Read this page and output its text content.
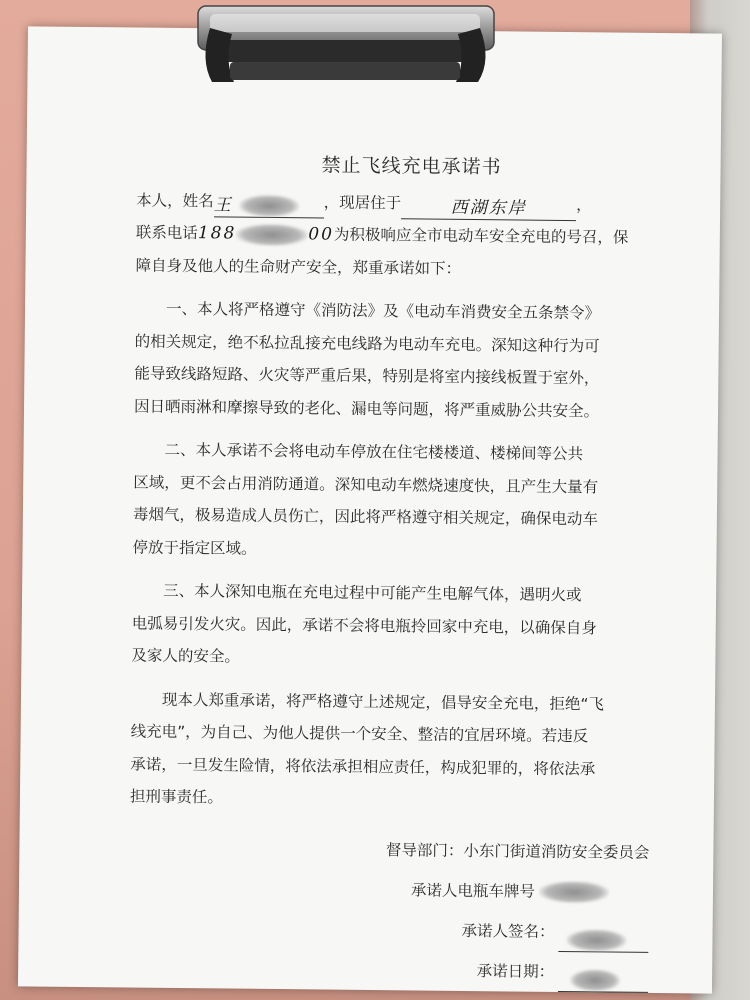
禁止飞线充电承诺书
本人，姓名王	，现居住于	西湖东岸	，
联系电话188	00为积极响应全市电动车安全充电的号召，保
障自身及他人的生命财产安全，郑重承诺如下：
一、本人将严格遵守《消防法》及《电动车消费安全五条禁令》
的相关规定，绝不私拉乱接充电线路为电动车充电。深知这种行为可
能导致线路短路、火灾等严重后果，特别是将室内接线板置于室外，
因日晒雨淋和摩擦导致的老化、漏电等问题，将严重威胁公共安全。
二、本人承诺不会将电动车停放在住宅楼楼道、楼梯间等公共
区域，更不会占用消防通道。深知电动车燃烧速度快，且产生大量有
毒烟气，极易造成人员伤亡，因此将严格遵守相关规定，确保电动车
停放于指定区域。
三、本人深知电瓶在充电过程中可能产生电解气体，遇明火或
电弧易引发火灾。因此，承诺不会将电瓶拎回家中充电，以确保自身
及家人的安全。
现本人郑重承诺，将严格遵守上述规定，倡导安全充电，拒绝“飞
线充电”，为自己、为他人提供一个安全、整洁的宜居环境。若违反
承诺，一旦发生险情，将依法承担相应责任，构成犯罪的，将依法承
担刑事责任。

督导部门：小东门街道消防安全委员会

承诺人电瓶车牌号

承诺人签名：

承诺日期：
